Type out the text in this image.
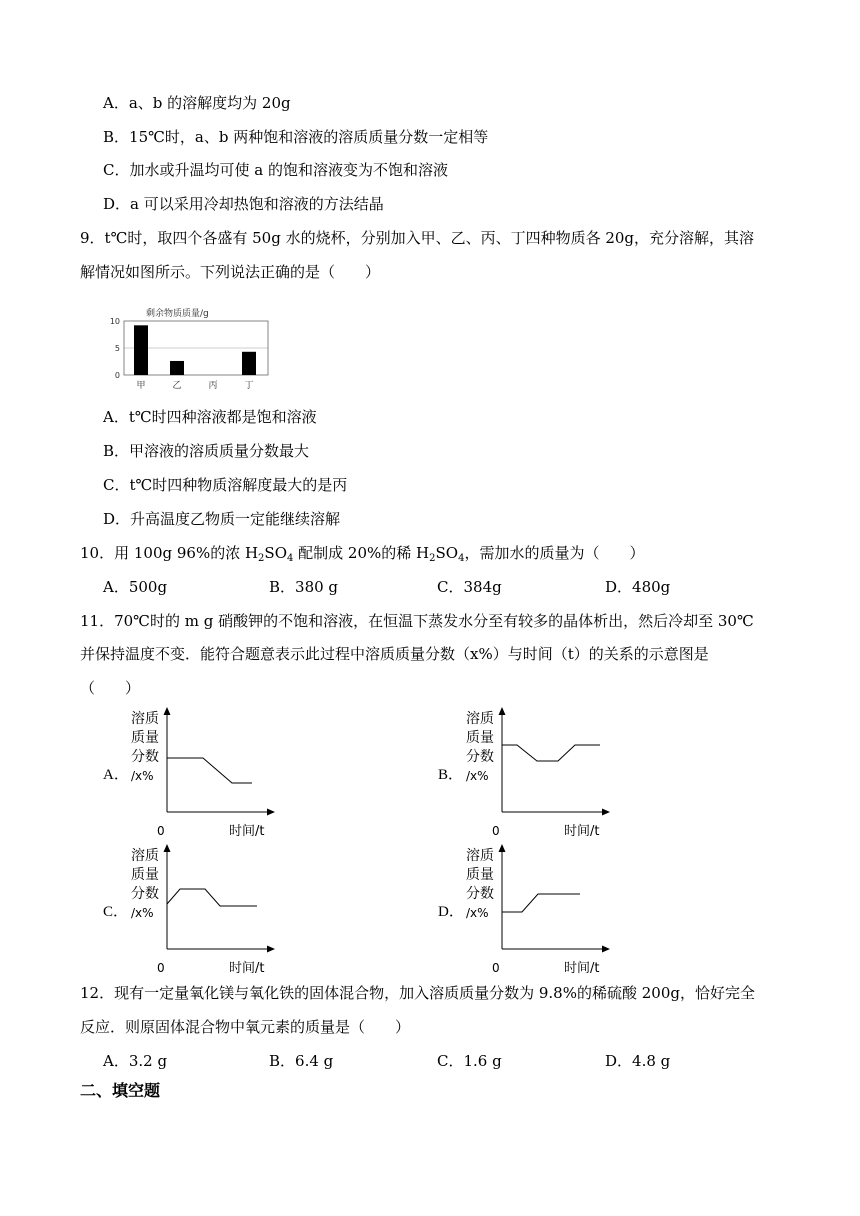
A．a、b 的溶解度均为 20g
B．15℃时，a、b 两种饱和溶液的溶质质量分数一定相等
C．加水或升温均可使 a 的饱和溶液变为不饱和溶液
D．a 可以采用冷却热饱和溶液的方法结晶
9．t℃时，取四个各盛有 50g 水的烧杯，分别加入甲、乙、丙、丁四种物质各 20g，充分溶解，其溶
解情况如图所示。下列说法正确的是（　　）
剩余物质质量/g
0
5
10
甲	乙	丙	丁
A．t℃时四种溶液都是饱和溶液
B．甲溶液的溶质质量分数最大
C．t℃时四种物质溶解度最大的是丙
D．升高温度乙物质一定能继续溶解
10．用 100g 96%的浓 $H_2SO_4$ 配制成 20%的稀 $H_2SO_4$，需加水的质量为（　　）
A．500g	B．380 g	C．384g	D．480g
11．70℃时的 m g 硝酸钾的不饱和溶液，在恒温下蒸发水分至有较多的晶体析出，然后冷却至 30℃
并保持温度不变．能符合题意表示此过程中溶质质量分数（x%）与时间（t）的关系的示意图是
（　　）
A．	B．
C．	D．
溶质
质量
分数
/x%
0	时间/t
溶质
质量
分数
/x%
0	时间/t
溶质
质量
分数
/x%
0	时间/t
溶质
质量
分数
/x%
0	时间/t
12．现有一定量氧化镁与氧化铁的固体混合物，加入溶质质量分数为 9.8%的稀硫酸 200g，恰好完全
反应．则原固体混合物中氧元素的质量是（　　）
A．3.2 g	B．6.4 g	C．1.6 g	D．4.8 g
二、填空题
